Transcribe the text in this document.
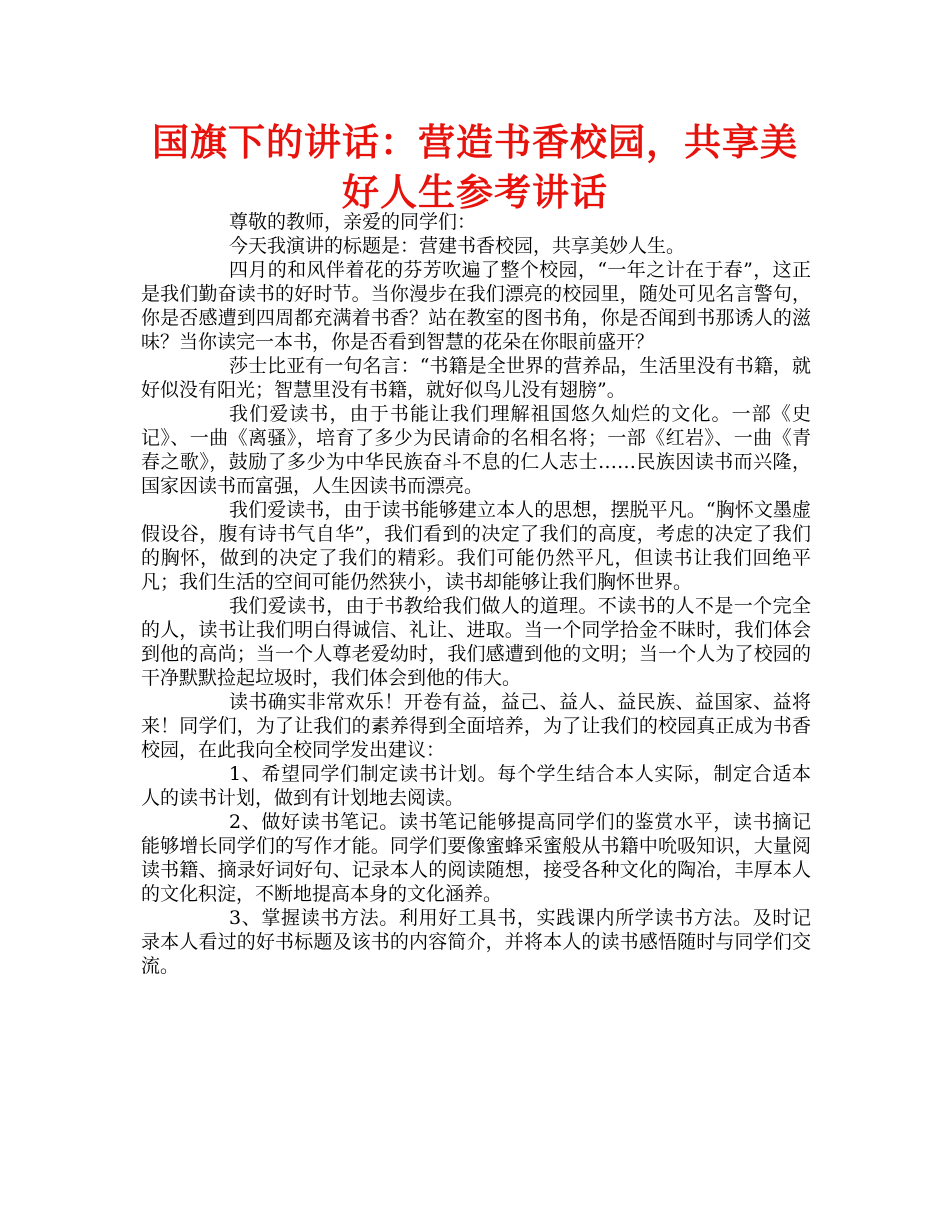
国旗下的讲话：营造书香校园，共享美好人生参考讲话

尊敬的教师，亲爱的同学们：

今天我演讲的标题是：营建书香校园，共享美妙人生。

四月的和风伴着花的芬芳吹遍了整个校园，“一年之计在于春”，这正是我们勤奋读书的好时节。当你漫步在我们漂亮的校园里，随处可见名言警句，你是否感遭到四周都充满着书香？站在教室的图书角，你是否闻到书那诱人的滋味？当你读完一本书，你是否看到智慧的花朵在你眼前盛开？

莎士比亚有一句名言：“书籍是全世界的营养品，生活里没有书籍，就好似没有阳光；智慧里没有书籍，就好似鸟儿没有翅膀”。

我们爱读书，由于书能让我们理解祖国悠久灿烂的文化。一部《史记》、一曲《离骚》，培育了多少为民请命的名相名将；一部《红岩》、一曲《青春之歌》，鼓励了多少为中华民族奋斗不息的仁人志士……民族因读书而兴隆，国家因读书而富强，人生因读书而漂亮。

我们爱读书，由于读书能够建立本人的思想，摆脱平凡。“胸怀文墨虚假设谷，腹有诗书气自华”，我们看到的决定了我们的高度，考虑的决定了我们的胸怀，做到的决定了我们的精彩。我们可能仍然平凡，但读书让我们回绝平凡；我们生活的空间可能仍然狭小，读书却能够让我们胸怀世界。

我们爱读书，由于书教给我们做人的道理。不读书的人不是一个完全的人，读书让我们明白得诚信、礼让、进取。当一个同学拾金不昧时，我们体会到他的高尚；当一个人尊老爱幼时，我们感遭到他的文明；当一个人为了校园的干净默默捡起垃圾时，我们体会到他的伟大。

读书确实非常欢乐！开卷有益，益己、益人、益民族、益国家、益将来！同学们，为了让我们的素养得到全面培养，为了让我们的校园真正成为书香校园，在此我向全校同学发出建议：

1、希望同学们制定读书计划。每个学生结合本人实际，制定合适本人的读书计划，做到有计划地去阅读。

2、做好读书笔记。读书笔记能够提高同学们的鉴赏水平，读书摘记能够增长同学们的写作才能。同学们要像蜜蜂采蜜般从书籍中吮吸知识，大量阅读书籍、摘录好词好句、记录本人的阅读随想，接受各种文化的陶冶，丰厚本人的文化积淀，不断地提高本身的文化涵养。

3、掌握读书方法。利用好工具书，实践课内所学读书方法。及时记录本人看过的好书标题及该书的内容简介，并将本人的读书感悟随时与同学们交流。
